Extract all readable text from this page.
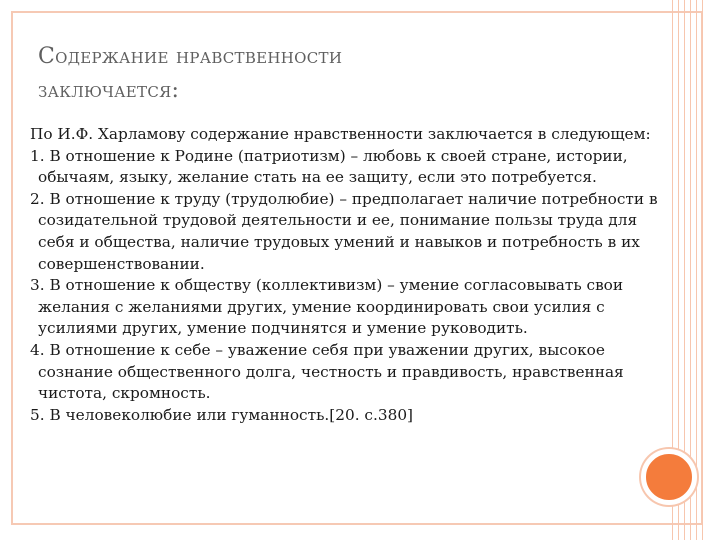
Содержание нравственности
заключается:

По И.Ф. Харламову содержание нравственности заключается в следующем:

1. В отношение к Родине (патриотизм) – любовь к своей стране, истории, обычаям, языку, желание стать на ее защиту, если это потребуется.

2. В отношение к труду (трудолюбие) – предполагает наличие потребности в созидательной трудовой деятельности и ее, понимание пользы труда для себя и общества, наличие трудовых умений и навыков и потребность в их совершенствовании.

3. В отношение к обществу (коллективизм) – умение согласовывать свои желания с желаниями других, умение координировать свои усилия с усилиями других, умение подчинятся и умение руководить.

4. В отношение к себе – уважение себя при уважении других, высокое сознание общественного долга, честность и правдивость, нравственная чистота, скромность.

5. В человеколюбие или гуманность.[20. с.380]
